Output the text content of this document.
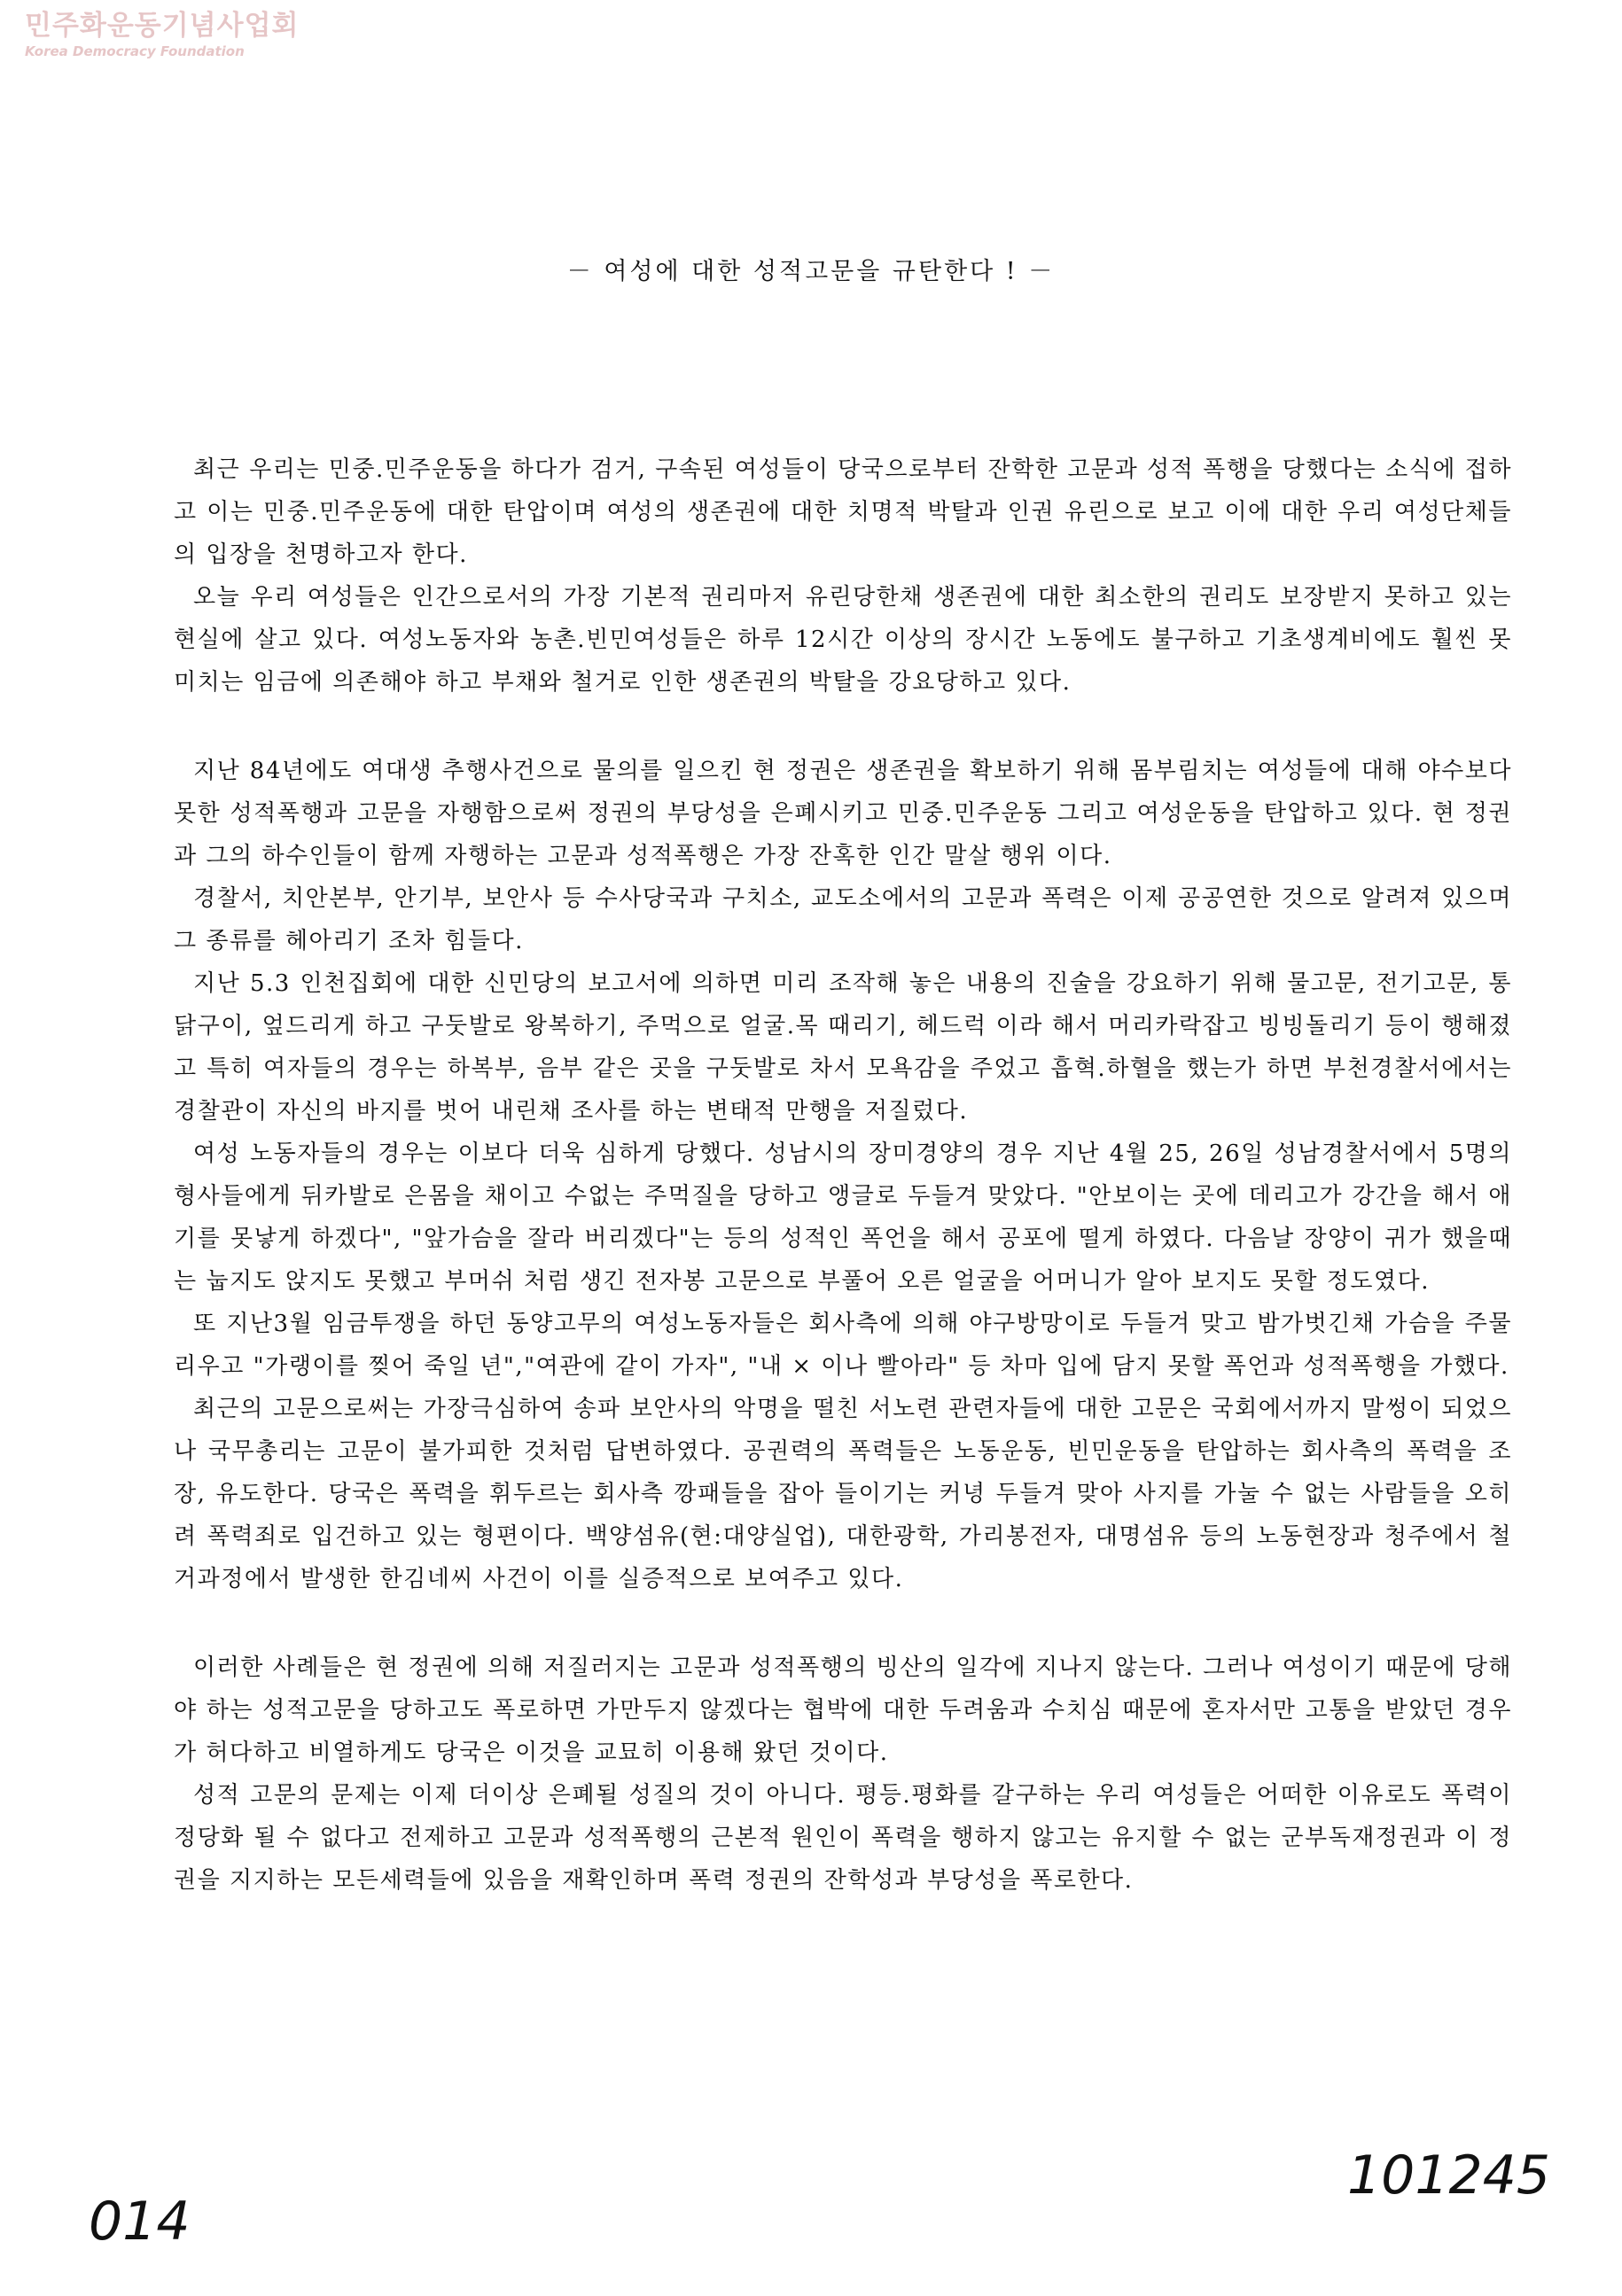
민주화운동기념사업회
Korea Democracy Foundation
－ 여성에 대한 성적고문을 규탄한다 ! －

최근 우리는 민중.민주운동을 하다가 검거, 구속된 여성들이 당국으로부터 잔학한 고문과 성적 폭행을 당했다는 소식에 접하고 이는 민중.민주운동에 대한 탄압이며 여성의 생존권에 대한 치명적 박탈과 인권 유린으로 보고 이에 대한 우리 여성단체들의 입장을 천명하고자 한다.

오늘 우리 여성들은 인간으로서의 가장 기본적 권리마저 유린당한채 생존권에 대한 최소한의 권리도 보장받지 못하고 있는 현실에 살고 있다. 여성노동자와 농촌.빈민여성들은 하루 12시간 이상의 장시간 노동에도 불구하고 기초생계비에도 훨씬 못미치는 임금에 의존해야 하고 부채와 철거로 인한 생존권의 박탈을 강요당하고 있다.

지난 84년에도 여대생 추행사건으로 물의를 일으킨 현 정권은 생존권을 확보하기 위해 몸부림치는 여성들에 대해 야수보다 못한 성적폭행과 고문을 자행함으로써 정권의 부당성을 은폐시키고 민중.민주운동 그리고 여성운동을 탄압하고 있다. 현 정권과 그의 하수인들이 함께 자행하는 고문과 성적폭행은 가장 잔혹한 인간 말살 행위 이다.

경찰서, 치안본부, 안기부, 보안사 등 수사당국과 구치소, 교도소에서의 고문과 폭력은 이제 공공연한 것으로 알려져 있으며 그 종류를 헤아리기 조차 힘들다.

지난 5.3 인천집회에 대한 신민당의 보고서에 의하면 미리 조작해 놓은 내용의 진술을 강요하기 위해 물고문, 전기고문, 통닭구이, 엎드리게 하고 구둣발로 왕복하기, 주먹으로 얼굴.목 때리기, 헤드럭 이라 해서 머리카락잡고 빙빙돌리기 등이 행해졌고 특히 여자들의 경우는 하복부, 음부 같은 곳을 구둣발로 차서 모욕감을 주었고 흡혁.하혈을 했는가 하면 부천경찰서에서는 경찰관이 자신의 바지를 벗어 내린채 조사를 하는 변태적 만행을 저질렀다.

여성 노동자들의 경우는 이보다 더욱 심하게 당했다. 성남시의 장미경양의 경우 지난 4월 25, 26일 성남경찰서에서 5명의 형사들에게 뒤카발로 은몸을 채이고 수없는 주먹질을 당하고 앵글로 두들겨 맞았다. "안보이는 곳에 데리고가 강간을 해서 애기를 못낳게 하겠다", "앞가슴을 잘라 버리겠다"는 등의 성적인 폭언을 해서 공포에 떨게 하였다. 다음날 장양이 귀가 했을때는 눕지도 앉지도 못했고 부머쉬 처럼 생긴 전자봉 고문으로 부풀어 오른 얼굴을 어머니가 알아 보지도 못할 정도였다.

또 지난3월 임금투쟁을 하던 동양고무의 여성노동자들은 회사측에 의해 야구방망이로 두들겨 맞고 밤가벗긴채 가슴을 주물리우고 "가랭이를 찢어 죽일 년","여관에 같이 가자", "내 × 이나 빨아라" 등 차마 입에 담지 못할 폭언과 성적폭행을 가했다.

최근의 고문으로써는 가장극심하여 송파 보안사의 악명을 떨친 서노련 관련자들에 대한 고문은 국회에서까지 말썽이 되었으나 국무총리는 고문이 불가피한 것처럼 답변하였다. 공권력의 폭력들은 노동운동, 빈민운동을 탄압하는 회사측의 폭력을 조장, 유도한다. 당국은 폭력을 휘두르는 회사측 깡패들을 잡아 들이기는 커녕 두들겨 맞아 사지를 가눌 수 없는 사람들을 오히려 폭력죄로 입건하고 있는 형편이다. 백양섬유(현:대양실업), 대한광학, 가리봉전자, 대명섬유 등의 노동현장과 청주에서 철거과정에서 발생한 한김네씨 사건이 이를 실증적으로 보여주고 있다.

이러한 사례들은 현 정권에 의해 저질러지는 고문과 성적폭행의 빙산의 일각에 지나지 않는다. 그러나 여성이기 때문에 당해야 하는 성적고문을 당하고도 폭로하면 가만두지 않겠다는 협박에 대한 두려움과 수치심 때문에 혼자서만 고통을 받았던 경우가 허다하고 비열하게도 당국은 이것을 교묘히 이용해 왔던 것이다.

성적 고문의 문제는 이제 더이상 은폐될 성질의 것이 아니다. 평등.평화를 갈구하는 우리 여성들은 어떠한 이유로도 폭력이 정당화 될 수 없다고 전제하고 고문과 성적폭행의 근본적 원인이 폭력을 행하지 않고는 유지할 수 없는 군부독재정권과 이 정권을 지지하는 모든세력들에 있음을 재확인하며 폭력 정권의 잔학성과 부당성을 폭로한다.

014
101245
